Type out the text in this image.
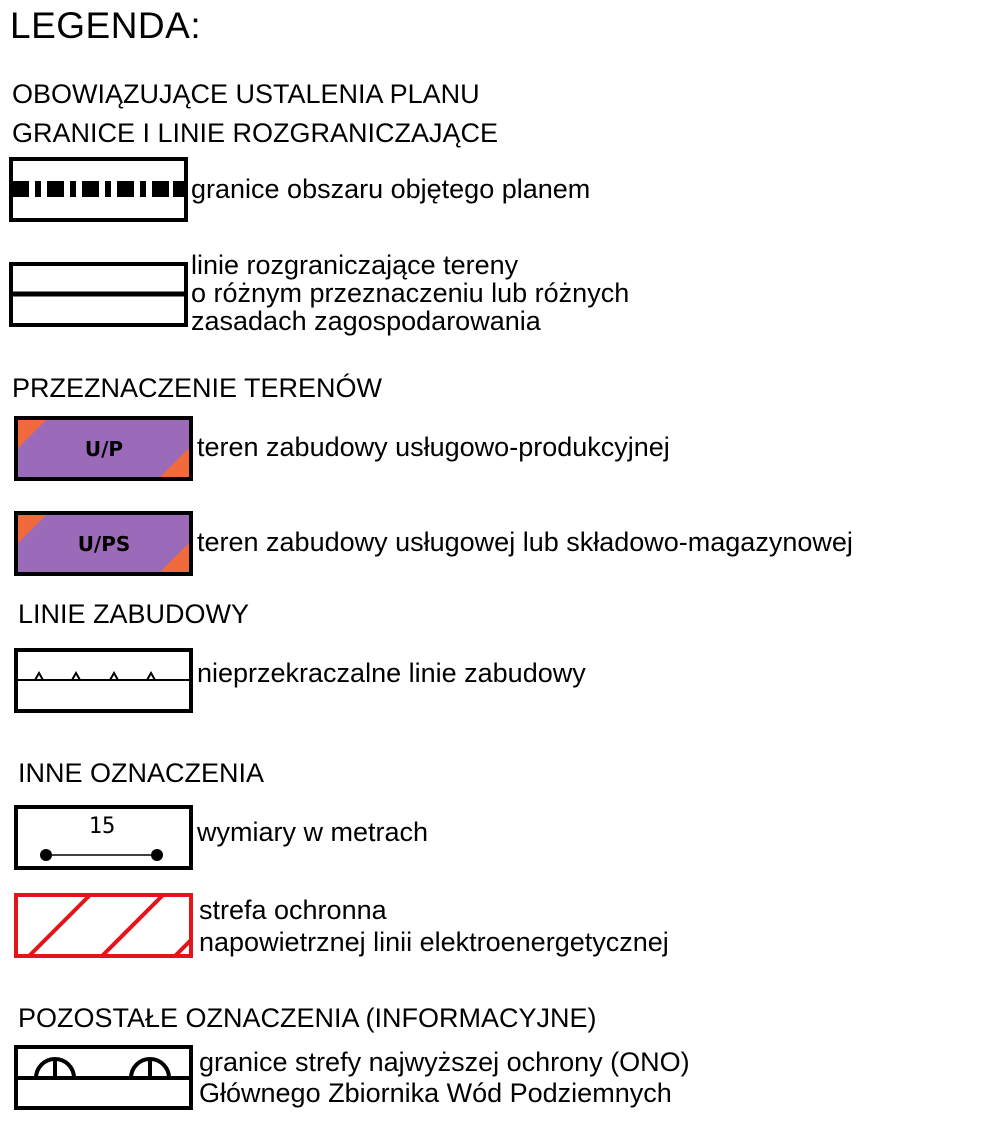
LEGENDA:
OBOWIĄZUJĄCE USTALENIA PLANU
GRANICE I LINIE ROZGRANICZAJĄCE
granice obszaru objętego planem
linie rozgraniczające tereny
o różnym przeznaczeniu lub różnych
zasadach zagospodarowania
PRZEZNACZENIE TERENÓW
U/P	teren zabudowy usługowo-produkcyjnej
U/PS teren zabudowy usługowej lub składowo-magazynowej
LINIE ZABUDOWY
nieprzekraczalne linie zabudowy
INNE OZNACZENIA
15	wymiary w metrach
strefa ochronna
napowietrznej linii elektroenergetycznej
POZOSTAŁE OZNACZENIA (INFORMACYJNE)
granice strefy najwyższej ochrony (ONO)
Głównego Zbiornika Wód Podziemnych
